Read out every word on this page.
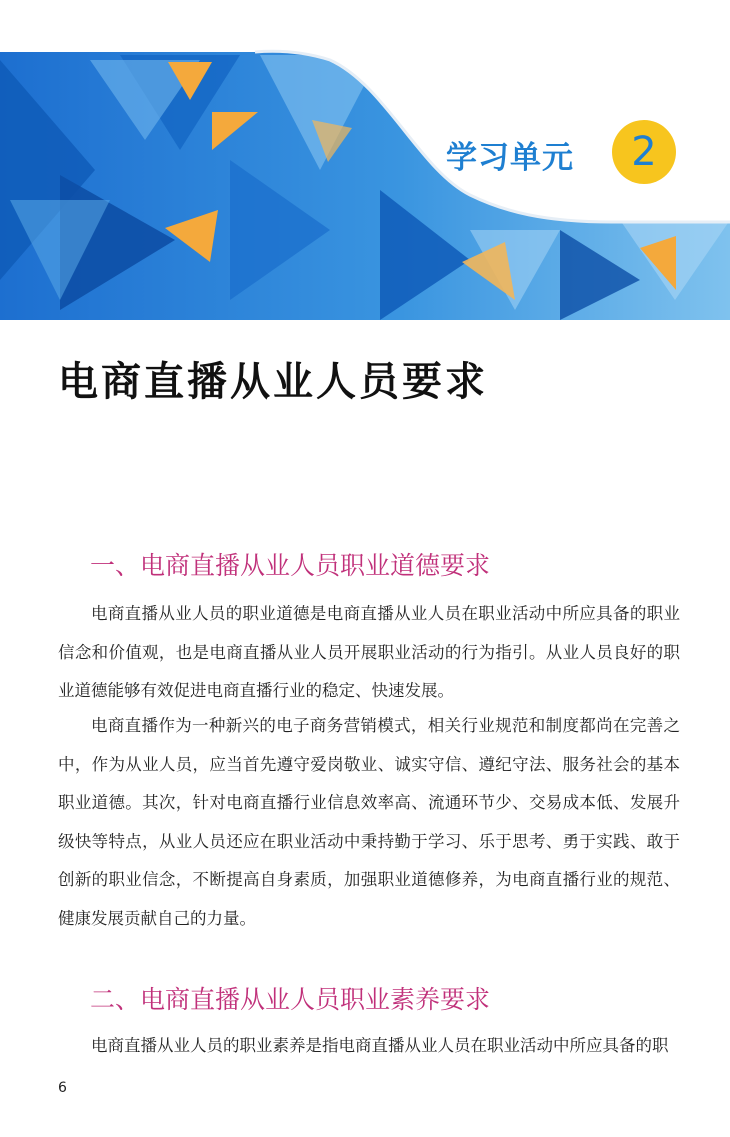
学习单元	2
电商直播从业人员要求
一、电商直播从业人员职业道德要求

电商直播从业人员的职业道德是电商直播从业人员在职业活动中所应具备的职业信念和价值观，也是电商直播从业人员开展职业活动的行为指引。从业人员良好的职业道德能够有效促进电商直播行业的稳定、快速发展。

电商直播作为一种新兴的电子商务营销模式，相关行业规范和制度都尚在完善之中，作为从业人员，应当首先遵守爱岗敬业、诚实守信、遵纪守法、服务社会的基本职业道德。其次，针对电商直播行业信息效率高、流通环节少、交易成本低、发展升级快等特点，从业人员还应在职业活动中秉持勤于学习、乐于思考、勇于实践、敢于创新的职业信念，不断提高自身素质，加强职业道德修养，为电商直播行业的规范、健康发展贡献自己的力量。

二、电商直播从业人员职业素养要求

电商直播从业人员的职业素养是指电商直播从业人员在职业活动中所应具备的职

6
